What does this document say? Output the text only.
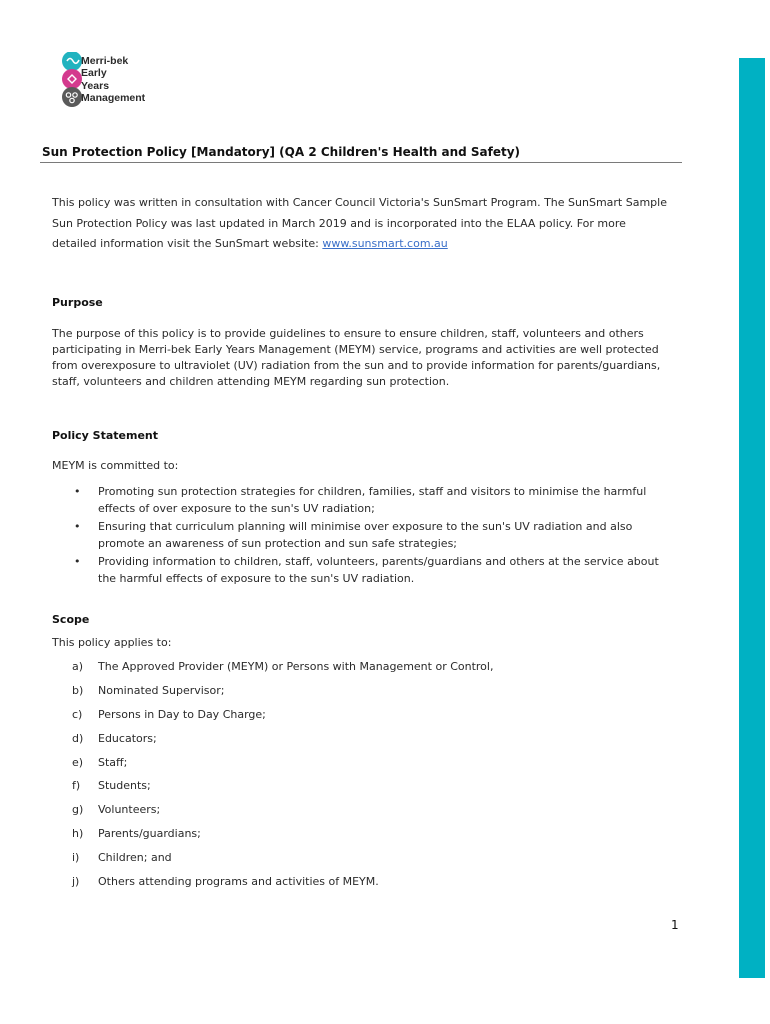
Merri-bek
Early
Years
Management
Sun Protection Policy [Mandatory] (QA 2 Children's Health and Safety)
This policy was written in consultation with Cancer Council Victoria's SunSmart Program. The SunSmart Sample
Sun Protection Policy was last updated in March 2019 and is incorporated into the ELAA policy. For more
detailed information visit the SunSmart website: www.sunsmart.com.au
Purpose
The purpose of this policy is to provide guidelines to ensure to ensure children, staff, volunteers and others
participating in Merri-bek Early Years Management (MEYM) service, programs and activities are well protected
from overexposure to ultraviolet (UV) radiation from the sun and to provide information for parents/guardians,
staff, volunteers and children attending MEYM regarding sun protection.
Policy Statement
MEYM is committed to:
• Promoting sun protection strategies for children, families, staff and visitors to minimise the harmful
effects of over exposure to the sun's UV radiation;
• Ensuring that curriculum planning will minimise over exposure to the sun's UV radiation and also
promote an awareness of sun protection and sun safe strategies;
• Providing information to children, staff, volunteers, parents/guardians and others at the service about
the harmful effects of exposure to the sun's UV radiation.
Scope
This policy applies to:
a) The Approved Provider (MEYM) or Persons with Management or Control,
b) Nominated Supervisor;
c) Persons in Day to Day Charge;
d) Educators;
e) Staff;
f) Students;
g) Volunteers;
h) Parents/guardians;
i) Children; and
j) Others attending programs and activities of MEYM.
1
